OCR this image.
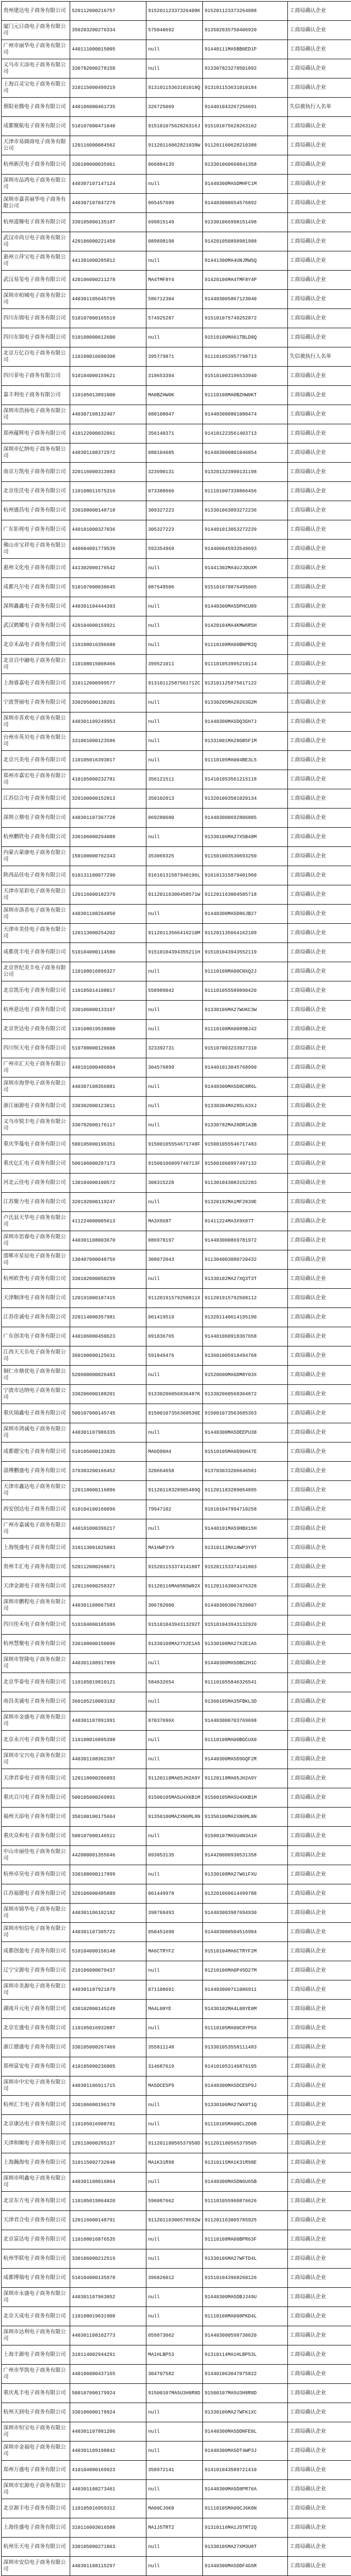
贵州建达电子商务有限公司	520112000216757	91520112337326408K	915201123373264088	工商局确认企业
厦门元日商电子商务有限公司	350203200276334	575040692	913502035750406920	工商局确认企业
广州市丽华电子商务有限公司	440111000015005	null	91440111MA5BB0ED1P	工商局确认企业
义乌市天添电子商务有限公司	330782000278158	null	913307823278501892	工商局确认企业
上海百灵宝电子商务有限公司	310115000499219	91310115363101018Q	913101153631010184	工商局确认企业
蔡阳业腾电子商务有限公司	440106000461735	326725069	914401043267256691	失信被执行人名单
成都聚航电子商务有限公司	510107000471040	91510107562826316J	915101075628263162	工商局确认企业
天津市易圆商电子商务有限公司	120116000084562	91120116062821038W	911201160628210388	工商局确认企业
杭州新沃电子商务有限公司	330108000035961	066884135	913301060668841358	工商局确认企业
深圳市品鸿电子商务有限公司	440307107147124	null	91440300MA5DMHFC1M	工商局确认企业
深圳市嘉喜丽华电子商务有限公司	440307107047279	065457689	914403000654576892	工商局确认企业
杭州道臻电子商务有限公司	330105000135187	699815149	913301066998151498	工商局确认企业
武汉市尚豆电子商务有限公司	420106000221458	089898198	914201050898981988	工商局确认企业
惠州立萍宝电子商务有限公司	441301000285812	null	91441300MA4UNJRW5Q	工商局确认企业
武汉易玺电子商务有限公司	420106000211278	MA4TMF8Y4	91420106MA4TMF8Y4P	工商局确认企业
深圳市柏城电子商务有限公司	440301105645795	586712304	914403005867123040	工商局确认企业
四川东锦电子商务有限公司	510107000165519	574925287	915101075749252872	工商局确认企业
四川东锦电子商务有限公司	510108000612600	null	91510100MA61TBLD8Q	工商局确认企业
北京万亿百电子商务有限公司	110108016690300	395779871	911101053957798713	失信被执行人名单
四川菲电子商务有限公司	510104000159621	319653394	915101003196533940	工商局确认企业
嘉丰利电子商务有限公司	110105013891000	MA0BZHW0K	91110108MA0BZHW0KT	工商局确认企业
深圳市浩扬电子商务有限公司	440307108132407	080108047	914403000801080474	工商局确认企业
郑州蕴辉电子商务有限公司	410122000032061	356140371	914101223561403713	工商局确认企业
深圳市亿纳电子商务有限公司	440301108372972	080104685	914403000801046854	工商局确认企业
南京万凯电子商务有限公司	320116000313983	323990131	913201323990131198	工商局确认企业
北京佳沃电子商务有限公司	110108011575316	073388666	911101007338866456	工商局确认企业
杭州盛昌电子商务有限公司	330108000148718	309327223	913301063093272236	工商局确认企业
广东钜视电子商务有限公司	440101000327036	305327223	914401013053272239	工商局确认企业
佛山市宝祥电子商务有限公司	440604001779539	593354969	914406045933549693	工商局确认企业
惠州文化电子商务有限公司	441302000176542	null	91441302MA4UJJDUXM	工商局确认企业
成都凡尔电子商务有限公司	510107000038645	087649506	915101070876495065	工商局确认企业
深圳鑫鑫电子商务有限公司	440301104444393	null	91440300MA5DPHCU89	工商局确认企业
武汉鹤耀电子商务有限公司	420104000159921	null	91420104MA4KMW6R5H	工商局确认企业
北京禾晶电子商务有限公司	110108016396688	null	91110108MA00BNPR2Q	工商局确认企业
北京百中融电子商务有限公司	110108015008466	399521011	911101053995210114	工商局确认企业
上海睿嘉电子商务有限公司	310112000999577	91310112587561712C	913101125875617122	工商局确认企业
宁波誉丽电子商务有限公司	330205000138201	null	91330205MA28263G2M	工商局确认企业
深圳市喜欢电子商务有限公司	440301109249953	null	91440300MA5DQ3GH7J	工商局确认企业
台州市英贝电子商务有限公司	331001000123586	null	91331001MA28GB5F1M	工商局确认企业
北京兴美电子商务有限公司	110105016393017	null	91110105MA004BE3L5	工商局确认企业
郑州市嘉宏电子商务有限公司	410105000232781	356121511	914101053561215118	工商局确认企业
江苏信合电子商务有限公司	320100000152013	350102013	913201003501020134	工商局确认企业
深圳立鼎电子商务有限公司	440301107367728	069280680	914403000692806805	工商局确认企业
杭州鹏欣电子商务有限公司	330106000294088	null	91330106MA27X5B48M	工商局确认企业
内蒙古蒙康电子商务有限公司	150100000762343	353069325	911501003530693250	工商局确认企业
陕西品佳电子商务有限公司	610131100077290	91610131587940196L	916101315879401960	工商局确认企业
天津市星彩电子商务有限公司	120116000182379	91120116300458571W	911201163004585718	工商局确认企业
深圳市洛喜电子商务有限公司	440301108264850	null	91440300MA5D86JB27	工商局确认企业
天津市美佳电子商务有限公司	120113000254202	91120113566416210M	911201135664162109	工商局确认企业
成都优丰电子商务有限公司	510104000114580	91510104394355211H	915101043943552119	工商局确认企业
北京世纪美丰电子商务有限公司	110108016896327	null	91110108MA00CNXQ2J	工商局确认企业
北京凯乐电子商务有限公司	110105014108017	558989042	911101055589890420	工商局确认企业
杭州意达电子商务有限公司	330106000133197	null	91330106MA27WUKC3W	工商局确认企业
北京世达电子商务有限公司	110108019538800	null	91110108MA0089BJ42	工商局确认企业
四川恒天电子商务有限公司	510700000129688	323392731	915107003233927310	工商局确认企业
广州市汇天电子商务有限公司	440101000486804	304576899	914401013045768990	工商局确认企业
深圳市海誉电子商务有限公司	440307108356881	null	91440300MA5D8C8R6L	工商局确认企业
浙江丽源电子商务有限公司	330302000123011	null	91330304MA285L63XJ	工商局确认企业
义乌市锐丰电子商务有限公司	330782000176117	null	91330782MA28DR1A3B	工商局确认企业
重庆华蔓电子商务有限公司	500105000196351	91500105554671748F	915001055546717483	工商局确认企业
重庆亿汇电子商务有限公司	500106000287173	91500106099749713F	915001060997497132	工商局确认企业
河北云佳电子商务有限公司	130104000100572	308315228	911301043083152283	工商局确认企业
江苏聚力电子商务有限公司	320192000119247	null	91320192MA1MF2839E	工商局确认企业
卢氏县天华电子商务有限公司	411224000005613	MA3X9X87	91411224MA3X9X87T	工商局确认企业
深圳市思睿电子商务有限公司	440301108003670	086978197	914403000869781972	工商局确认企业
邯郸市星辰电子商务有限公司	130407000048756	308072043	911304003080720432	工商局确认企业
杭州欧普电子商务有限公司	330102000050299	null	91330102MA27XQ3T3T	工商局确认企业
天津顺泽电子商务有限公司	120191000187415	91120191579250811X	911201915792508112	工商局确认企业
江苏佳诚电子商务有限公司	320114000357981	061419519	913201140614195190	工商局确认企业
广东创美电子商务有限公司	440106000450623	091836765	914401060918367658	工商局确认企业
江西天天乐电子商务有限公司	360100000125631	591849476	913601005918494768	工商局确认企业
铜仁市鼎优电子商务有限公司	520600000026483	null	91520600MA6DM8Y03X	工商局确认企业
宁波市达纳电子商务有限公司	330206000188201	91330206056836487K	913302060568364872	工商局确认企业
重庆瑞鑫电子商务有限公司	500107000145745	91500107356368536E	915001073563685363	工商局确认企业
深圳市鸿诚电子商务有限公司	440301107986335	null	91440300MA5DEEPU38	工商局确认企业
成都德宝电子商务有限公司	510105000133835	MA6D96H4	91510105MA6D96H47E	工商局确认企业
淄博鹏盛电子商务有限公司	370303200166452	320664658	913703033206646581	工商局确认企业
天津市鑫达电子商务有限公司	120118000116896	91120118328905489Q	911201183289054895	工商局确认企业
西安创达电子商务有限公司	610104100160096	79947102	916101047994710258	工商局确认企业
广州市嘉诚电子商务有限公司	440101000396217	null	91440101MA59HBX15H	工商局确认企业
上海悦盛电子商务有限公司	310113001025883	MA1HWP3Y9	91310113MA1HWP3Y9T	工商局确认企业
贵州丰汇电子商务有限公司	520112000268071	91520115337414180T	915201153374141803	工商局确认企业
天津金源电子商务有限公司	120116000258327	91120116MA05N5W82X	911201163003476328	工商局确认企业
深圳市鹏程电子商务有限公司	440301108067583	306782000	914403003067820007	工商局确认企业
四川佳禾电子商务有限公司	510104000185996	91510104394313292T	915101043943132920	工商局确认企业
杭州慧聚电子商务有限公司	330108000150096	91330108MA27X2E1A5	91330108MA27X2E1A5	工商局确认企业
深圳市智隆电子商务有限公司	440301108917899	null	91440300MA5DBG2H1C	工商局确认企业
北京华泰电子商务有限公司	110105019810121	584632654	911101055846326541	工商局确认企业
南昌美诚电子商务有限公司	360105210003182	null	91360105MA35FBKL3D	工商局确认企业
深圳市金盛电子商务有限公司	440301107891991	07037696X	914403000703769698	工商局确认企业
北京永兴电子商务有限公司	110108016895398	null	91110108MA00BGCUX0	工商局确认企业
深圳市宝兴电子商务有限公司	440301108362397	null	91440300MA5D9GQF2R	工商局确认企业
天津君泰电子商务有限公司	120118000286893	91120118MA05JH2A9Y	91120118MA05JH2A9Y	工商局确认企业
重庆百川电子商务有限公司	500105000269891	91500105MA5U4XKB1M	91500105MA5U4XKB1M	工商局确认企业
福州天添电子商务有限公司	350100100175664	91350100MA2XN6ML8N	91350100MA2XN6ML8N	工商局确认企业
重庆众和电子商务有限公司	500107000146511	null	91500107MA5U4N3A1H	工商局确认企业
中山市丽佳电子商务有限公司	442000001355646	093053135	914420000930531358	工商局确认企业
杭州卓昊电子商务有限公司	330108000117899	null	91330108MA27W61FXU	工商局确认企业
江苏福德电子商务有限公司	320106000485889	061449978	913201060614499788	工商局确认企业
深圳市锦华电子商务有限公司	440301106102182	398769493	914403003987694930	工商局确认企业
深圳市恒信电子商务有限公司	440301107305721	050451690	914403000504516904	工商局确认企业
成都创盈电子商务有限公司	510104000158148	MA6CTRYF2	91510104MA6CTRYF2M	工商局确认企业
辽宁宝源电子商务有限公司	210106000079437	null	91210106MA0P45D27M	工商局确认企业
深圳市美源电子商务有限公司	440301107921879	071108691	914403000711086911	工商局确认企业
湖南开元电子商务有限公司	430102000145249	MA4L08YE	91430102MA4L08YE0M	工商局确认企业
北京宏盛电子商务有限公司	110105016932087	null	91110105MA00C8YP5X	工商局确认企业
浙江德盛电子商务有限公司	330105000267469	355811148	913301053558111483	工商局确认企业
郑州富安电子商务有限公司	410105000236805	314687619	914101053146876195	工商局确认企业
深圳市中宏电子商务有限公司	440301106911715	MA5DCE5P9	91440300MA5DCE5P9J	工商局确认企业
杭州汇丰电子商务有限公司	330106000196178	null	91330106MA27WX8T1Q	工商局确认企业
北京康达电子商务有限公司	110105016988781	null	91110105MA00CL2D6B	工商局确认企业
天津和顺电子商务有限公司	120118000285137	91120118056537950D	911201180565379505	工商局确认企业
上海瀚海电子商务有限公司	310115002732048	MA1K31R98	91310115MA1K31R98E	工商局确认企业
深圳市明鑫电子商务有限公司	440301108016864	null	91440300MA5DN6U65B	工商局确认企业
北京东方电子商务有限公司	110105019864020	596087662	911101055960876626	工商局确认企业
天津君合电子商务有限公司	120116000148791	91120116300578592W	911201163005785925	工商局确认企业
北京富达电子商务有限公司	110108016876535	null	91110108MA00BPR63F	工商局确认企业
杭州华联电子商务有限公司	330106000212519	null	91330106MA27WFTD4L	工商局确认企业
成都博瑞电子商务有限公司	510104000135978	396826012	915101043968260126	工商局确认企业
深圳市永盛电子商务有限公司	440301107963052	null	91440300MA5DBJJ49U	工商局确认企业
北京天成电子商务有限公司	110108019631908	null	91110108MA008PKD4L	工商局确认企业
深圳市达利电子商务有限公司	440301108102773	059873062	914403000598730620	工商局确认企业
上海丰源电子商务有限公司	310114002944291	MA1HLBP53	91310114MA1HLBP53L	工商局确认企业
广州市华凯电子商务有限公司	440106000437165	304707582	914401063047075822	工商局确认企业
重庆兆丰电子商务有限公司	500107000179924	91500107MA5U3H8R8D	91500107MA5U3H8R8D	工商局确认企业
杭州天润电子商务有限公司	330106000178924	null	91330106MA27WFK1XC	工商局确认企业
深圳市恒宝电子商务有限公司	440301107881206	null	91440300MA5DDNFE0L	工商局确认企业
深圳市金福电子商务有限公司	440301109198842	null	91440300MA5DT4WP3J	工商局确认企业
郑州万盛电子商务有限公司	410104000169923	358972141	914101043589721410	工商局确认企业
深圳市宏源电子商务有限公司	440301108273461	null	91440300MA5D8PR76A	工商局确认企业
北京源丰电子商务有限公司	110105016959312	MA00CJ6K8	91110105MA00CJ6K8N	工商局确认企业
上海佳盛电子商务有限公司	310116003016588	MA1J5TRT2	91310116MA1J5TRT2Q	工商局确认企业
杭州乐天电子商务有限公司	330105000271063	null	91330105MA27XM3U8T	工商局确认企业
深圳市安信电子商务有限公司	440301108115297	null	91440300MA5DDF4G5R	工商局确认企业
